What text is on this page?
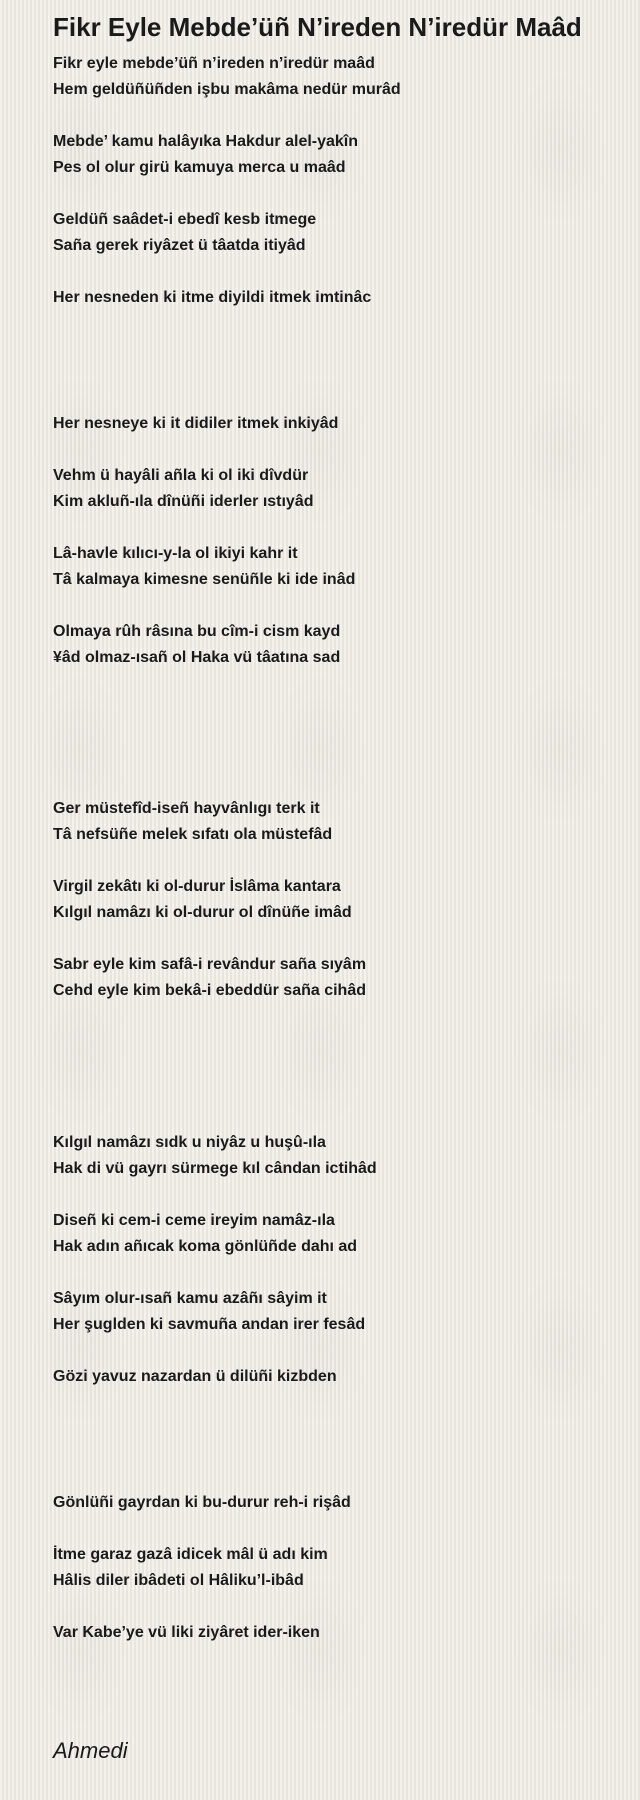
Fikr Eyle Mebde’üñ N’ireden N’iredür Maâd

Fikr eyle mebde’üñ n’ireden n’iredür maâd

Hem geldüñüñden işbu makâma nedür murâd

Mebde’ kamu halâyıka Hakdur alel-yakîn

Pes ol olur girü kamuya merca u maâd

Geldüñ saâdet-i ebedî kesb itmege

Saña gerek riyâzet ü tâatda itiyâd

Her nesneden ki itme diyildi itmek imtinâc

Her nesneye ki it didiler itmek inkiyâd

Vehm ü hayâli añla ki ol iki dîvdür

Kim akluñ-ıla dînüñi iderler ıstıyâd

Lâ-havle kılıcı-y-la ol ikiyi kahr it

Tâ kalmaya kimesne senüñle ki ide inâd

Olmaya rûh râsına bu cîm-i cism kayd

¥âd olmaz-ısañ ol Haka vü tâatına sad

Ger müstefîd-iseñ hayvânlıgı terk it

Tâ nefsüñe melek sıfatı ola müstefâd

Virgil zekâtı ki ol-durur İslâma kantara

Kılgıl namâzı ki ol-durur ol dînüñe imâd

Sabr eyle kim safâ-i revândur saña sıyâm

Cehd eyle kim bekâ-i ebeddür saña cihâd

Kılgıl namâzı sıdk u niyâz u huşû-ıla

Hak di vü gayrı sürmege kıl cândan ictihâd

Diseñ ki cem-i ceme ireyim namâz-ıla

Hak adın añıcak koma gönlüñde dahı ad

Sâyım olur-ısañ kamu azâñı sâyim it

Her şuglden ki savmuña andan irer fesâd

Gözi yavuz nazardan ü dilüñi kizbden

Gönlüñi gayrdan ki bu-durur reh-i rişâd

İtme garaz gazâ idicek mâl ü adı kim

Hâlis diler ibâdeti ol Hâliku’l-ibâd

Var Kabe’ye vü liki ziyâret ider-iken

Ahmedi
